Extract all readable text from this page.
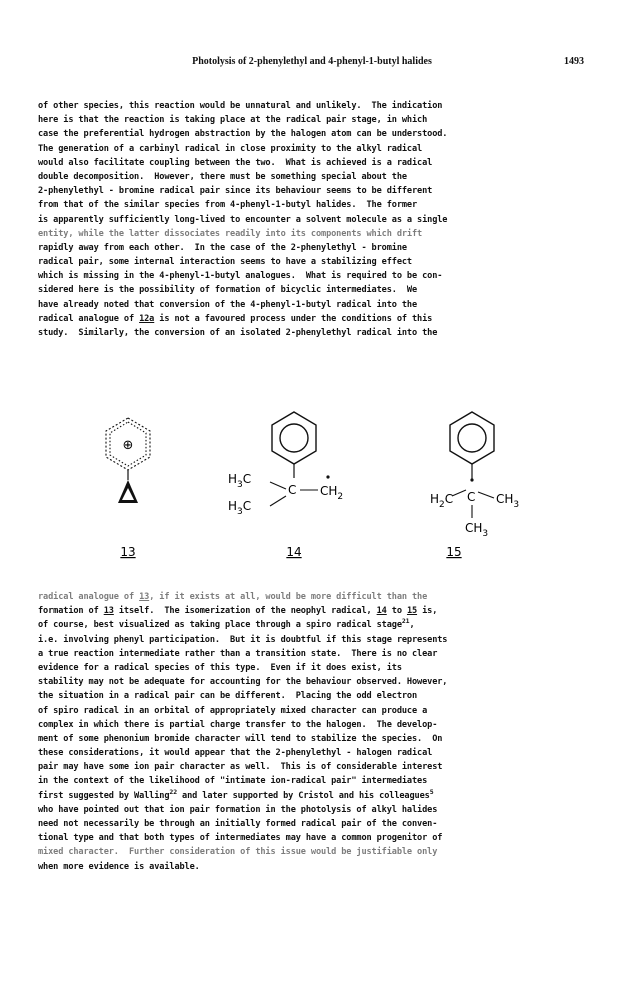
Photolysis of 2-phenylethyl and 4-phenyl-1-butyl halides	1493
of other species, this reaction would be unnatural and unlikely.  The indication
here is that the reaction is taking place at the radical pair stage, in which
case the preferential hydrogen abstraction by the halogen atom can be understood.
The generation of a carbinyl radical in close proximity to the alkyl radical
would also facilitate coupling between the two.  What is achieved is a radical
double decomposition.  However, there must be something special about the
2-phenylethyl - bromine radical pair since its behaviour seems to be different
from that of the similar species from 4-phenyl-1-butyl halides.  The former
is apparently sufficiently long-lived to encounter a solvent molecule as a single
entity, while the latter dissociates readily into its components which drift
rapidly away from each other.  In the case of the 2-phenylethyl - bromine
radical pair, some internal interaction seems to have a stabilizing effect
which is missing in the 4-phenyl-1-butyl analogues.  What is required to be con-
sidered here is the possibility of formation of bicyclic intermediates.  We
have already noted that conversion of the 4-phenyl-1-butyl radical into the
radical analogue of 12a is not a favoured process under the conditions of this
study.  Similarly, the conversion of an isolated 2-phenylethyl radical into the
⊕
13
$H_3C$
C $CH_2$
$H_3C$
14
$H_2C$ C $CH_3$
$CH_3$
15
radical analogue of 13, if it exists at all, would be more difficult than the
formation of 13 itself.  The isomerization of the neophyl radical, 14 to 15 is,
of course, best visualized as taking place through a spiro radical stage$^{21}$,
i.e. involving phenyl participation.  But it is doubtful if this stage represents
a true reaction intermediate rather than a transition state.  There is no clear
evidence for a radical species of this type.  Even if it does exist, its
stability may not be adequate for accounting for the behaviour observed. However,
the situation in a radical pair can be different.  Placing the odd electron
of spiro radical in an orbital of appropriately mixed character can produce a
complex in which there is partial charge transfer to the halogen.  The develop-
ment of some phenonium bromide character will tend to stabilize the species.  On
these considerations, it would appear that the 2-phenylethyl - halogen radical
pair may have some ion pair character as well.  This is of considerable interest
in the context of the likelihood of "intimate ion-radical pair" intermediates
first suggested by Walling$^{22}$ and later supported by Cristol and his colleagues$^5$
who have pointed out that ion pair formation in the photolysis of alkyl halides
need not necessarily be through an initially formed radical pair of the conven-
tional type and that both types of intermediates may have a common progenitor of
mixed character.  Further consideration of this issue would be justifiable only
when more evidence is available.
